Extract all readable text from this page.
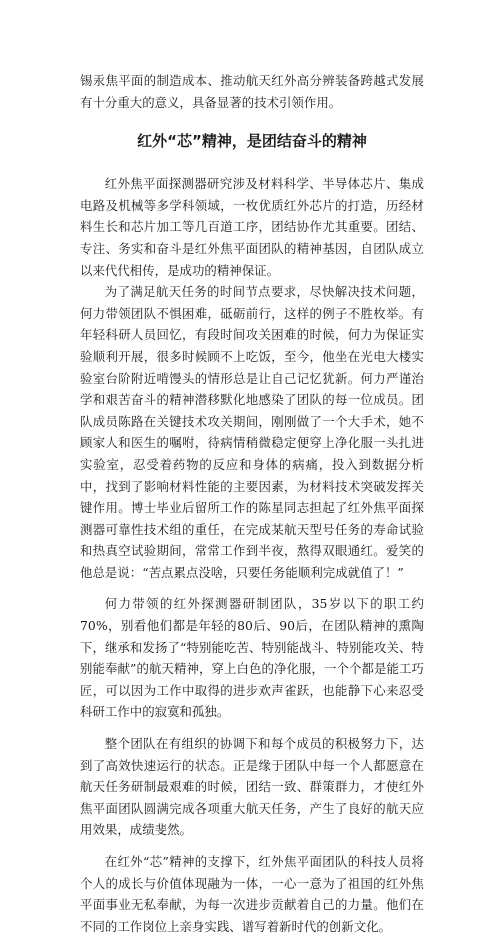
锡汞焦平面的制造成本、推动航天红外高分辨装备跨越式发展有十分重大的意义，具备显著的技术引领作用。

红外“芯”精神，是团结奋斗的精神

红外焦平面探测器研究涉及材料科学、半导体芯片、集成电路及机械等多学科领域，一枚优质红外芯片的打造，历经材料生长和芯片加工等几百道工序，团结协作尤其重要。团结、专注、务实和奋斗是红外焦平面团队的精神基因，自团队成立以来代代相传，是成功的精神保证。

为了满足航天任务的时间节点要求，尽快解决技术问题，何力带领团队不惧困难，砥砺前行，这样的例子不胜枚举。有年轻科研人员回忆，有段时间攻关困难的时候，何力为保证实验顺利开展，很多时候顾不上吃饭，至今，他坐在光电大楼实验室台阶附近啃馒头的情形总是让自己记忆犹新。何力严谨治学和艰苦奋斗的精神潜移默化地感染了团队的每一位成员。团队成员陈路在关键技术攻关期间，刚刚做了一个大手术，她不顾家人和医生的嘱咐，待病情稍微稳定便穿上净化服一头扎进实验室，忍受着药物的反应和身体的病痛，投入到数据分析中，找到了影响材料性能的主要因素，为材料技术突破发挥关键作用。博士毕业后留所工作的陈星同志担起了红外焦平面探测器可靠性技术组的重任，在完成某航天型号任务的寿命试验和热真空试验期间，常常工作到半夜，熬得双眼通红。爱笑的他总是说：“苦点累点没啥，只要任务能顺利完成就值了！”

何力带领的红外探测器研制团队，35岁以下的职工约70%，别看他们都是年轻的80后、90后，在团队精神的熏陶下，继承和发扬了“特别能吃苦、特别能战斗、特别能攻关、特别能奉献”的航天精神，穿上白色的净化服，一个个都是能工巧匠，可以因为工作中取得的进步欢声雀跃，也能静下心来忍受科研工作中的寂寞和孤独。

整个团队在有组织的协调下和每个成员的积极努力下，达到了高效快速运行的状态。正是缘于团队中每一个人都愿意在航天任务研制最艰难的时候，团结一致、群策群力，才使红外焦平面团队圆满完成各项重大航天任务，产生了良好的航天应用效果，成绩斐然。

在红外“芯”精神的支撑下，红外焦平面团队的科技人员将个人的成长与价值体现融为一体，一心一意为了祖国的红外焦平面事业无私奉献，为每一次进步贡献着自己的力量。他们在不同的工作岗位上亲身实践、谱写着新时代的创新文化。
